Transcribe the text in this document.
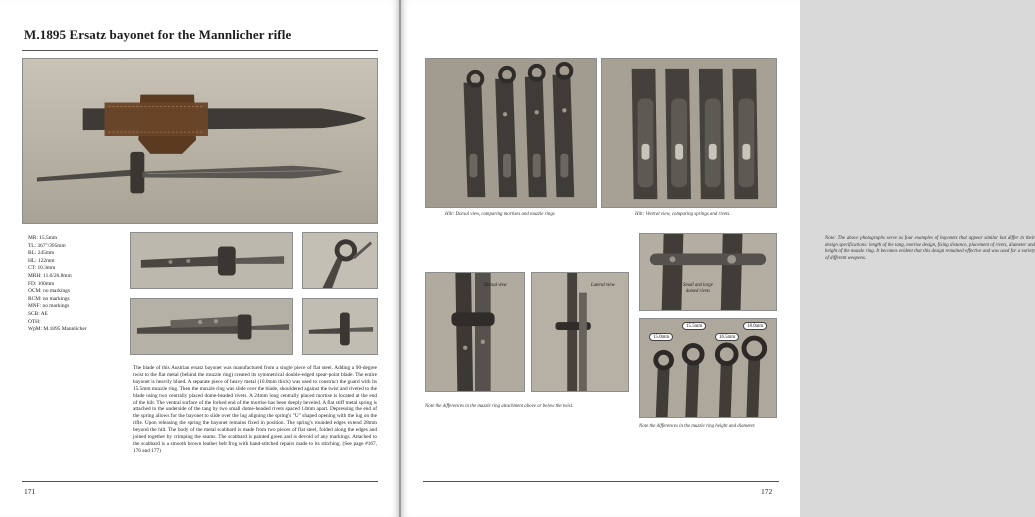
M.1895 Ersatz bayonet for the Mannlicher rifle
MR: 15.5mm
TL: 367"/395mm
BL: 245mm
HL: 122mm
CT: 10.3mm
MRH: 11.0/26.8mm
FD: 100mm
OCM: no markings
RCM: no markings
MNF: no markings
SCB: AE
OTH:
WpM: M.1895 Mannlicher
The blade of this Austrian ersatz bayonet was manufactured from a single piece of flat steel. Adding a 90-degree twist to the flat metal (behind the muzzle ring) created its symmetrical double-edged spear-point blade. The entire bayonet is heavily blued. A separate piece of heavy metal (10.0mm thick) was used to construct the guard with its 15.5mm muzzle ring. Then the muzzle ring was slide over the blade, shouldered against the twist and riveted to the blade using two centrally placed dome-headed rivets. A 24mm long centrally placed mortise is located at the end of the hilt. The ventral surface of the forked end of the mortise has been deeply beveled. A flat stiff metal spring is attached to the underside of the tang by two small dome-headed rivets spaced 14mm apart. Depressing the end of the spring allows for the bayonet to slide over the lug aligning the spring's "U" shaped opening with the lug on the rifle. Upon releasing the spring the bayonet remains fixed in position. The spring's rounded edges extend 28mm beyond the hilt. The body of the metal scabbard is made from two pieces of flat steel, folded along the edges and joined together by crimping the seams. The scabbard is painted green and is devoid of any markings. Attached to the scabbard is a smooth brown leather belt frog with hand-stitched repairs made to its stitching. (See page #167, 176 and 177)
171
Hilt: Dorsal view, comparing mortises and muzzle rings	Hilt: Ventral view, comparing springs and rivets.
Note: The above photographs serve as four examples of bayonets that appear similar but differ in their design specifications: length of the tang, mortise design, fixing distance, placement of rivets, diameter and height of the muzzle ring. It becomes evident that this design remained effective and was used for a variety of different weapons.
Small and large
domed rivets
Dorsal view	Lateral view
Note the differences in the muzzle ring attachment above or below the twist.
15.0mm
15.5mm
16.5mm
18.0mm
Note the differences in the muzzle ring height and diameter.
172
